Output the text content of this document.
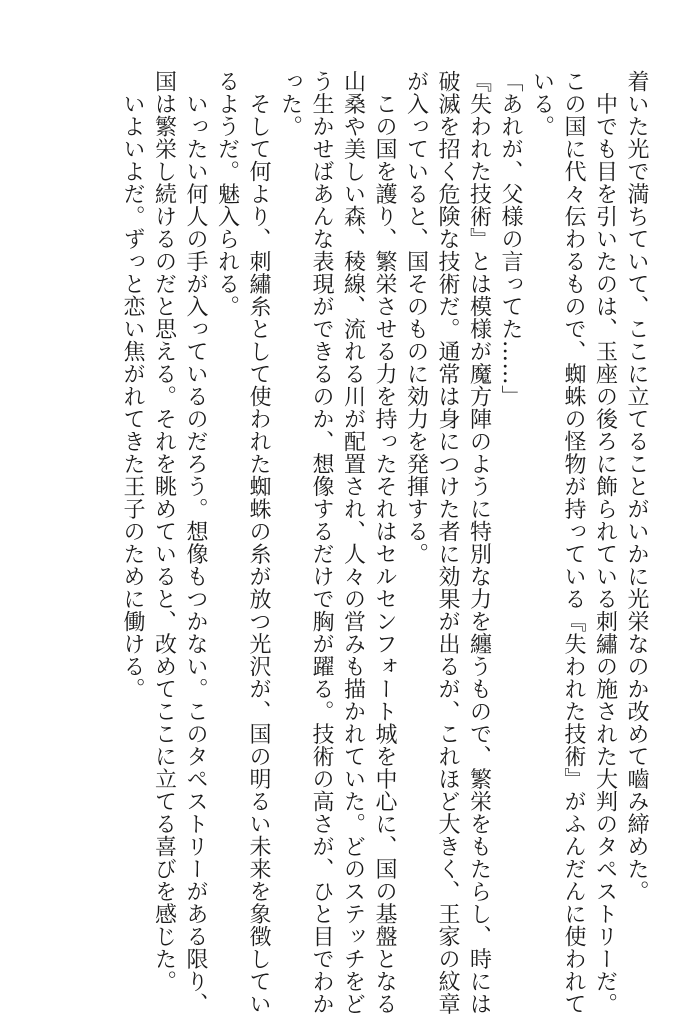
着いた光で満ちていて、ここに立てることがいかに光栄なのか改めて嚙み締めた。

　中でも目を引いたのは、玉座の後ろに飾られている刺繡の施された大判のタペストリーだ。

この国に代々伝わるもので、蜘蛛の怪物が持っている『失われた技術』がふんだんに使われて

いる。

「あれが、父様の言ってた……」

『失われた技術』とは模様が魔方陣のように特別な力を纏うもので、繁栄をもたらし、時には

破滅を招く危険な技術だ。通常は身につけた者に効果が出るが、これほど大きく、王家の紋章

が入っていると、国そのものに効力を発揮する。

　この国を護り、繁栄させる力を持ったそれはセルセンフォート城を中心に、国の基盤となる

山桑や美しい森、稜線、流れる川が配置され、人々の営みも描かれていた。どのステッチをど

う生かせばあんな表現ができるのか、想像するだけで胸が躍る。技術の高さが、ひと目でわか

った。

　そして何より、刺繡糸として使われた蜘蛛の糸が放つ光沢が、国の明るい未来を象徴してい

るようだ。魅入られる。

　いったい何人の手が入っているのだろう。想像もつかない。このタペストリーがある限り、

国は繁栄し続けるのだと思える。それを眺めていると、改めてここに立てる喜びを感じた。

　いよいよだ。ずっと恋い焦がれてきた王子のために働ける。
